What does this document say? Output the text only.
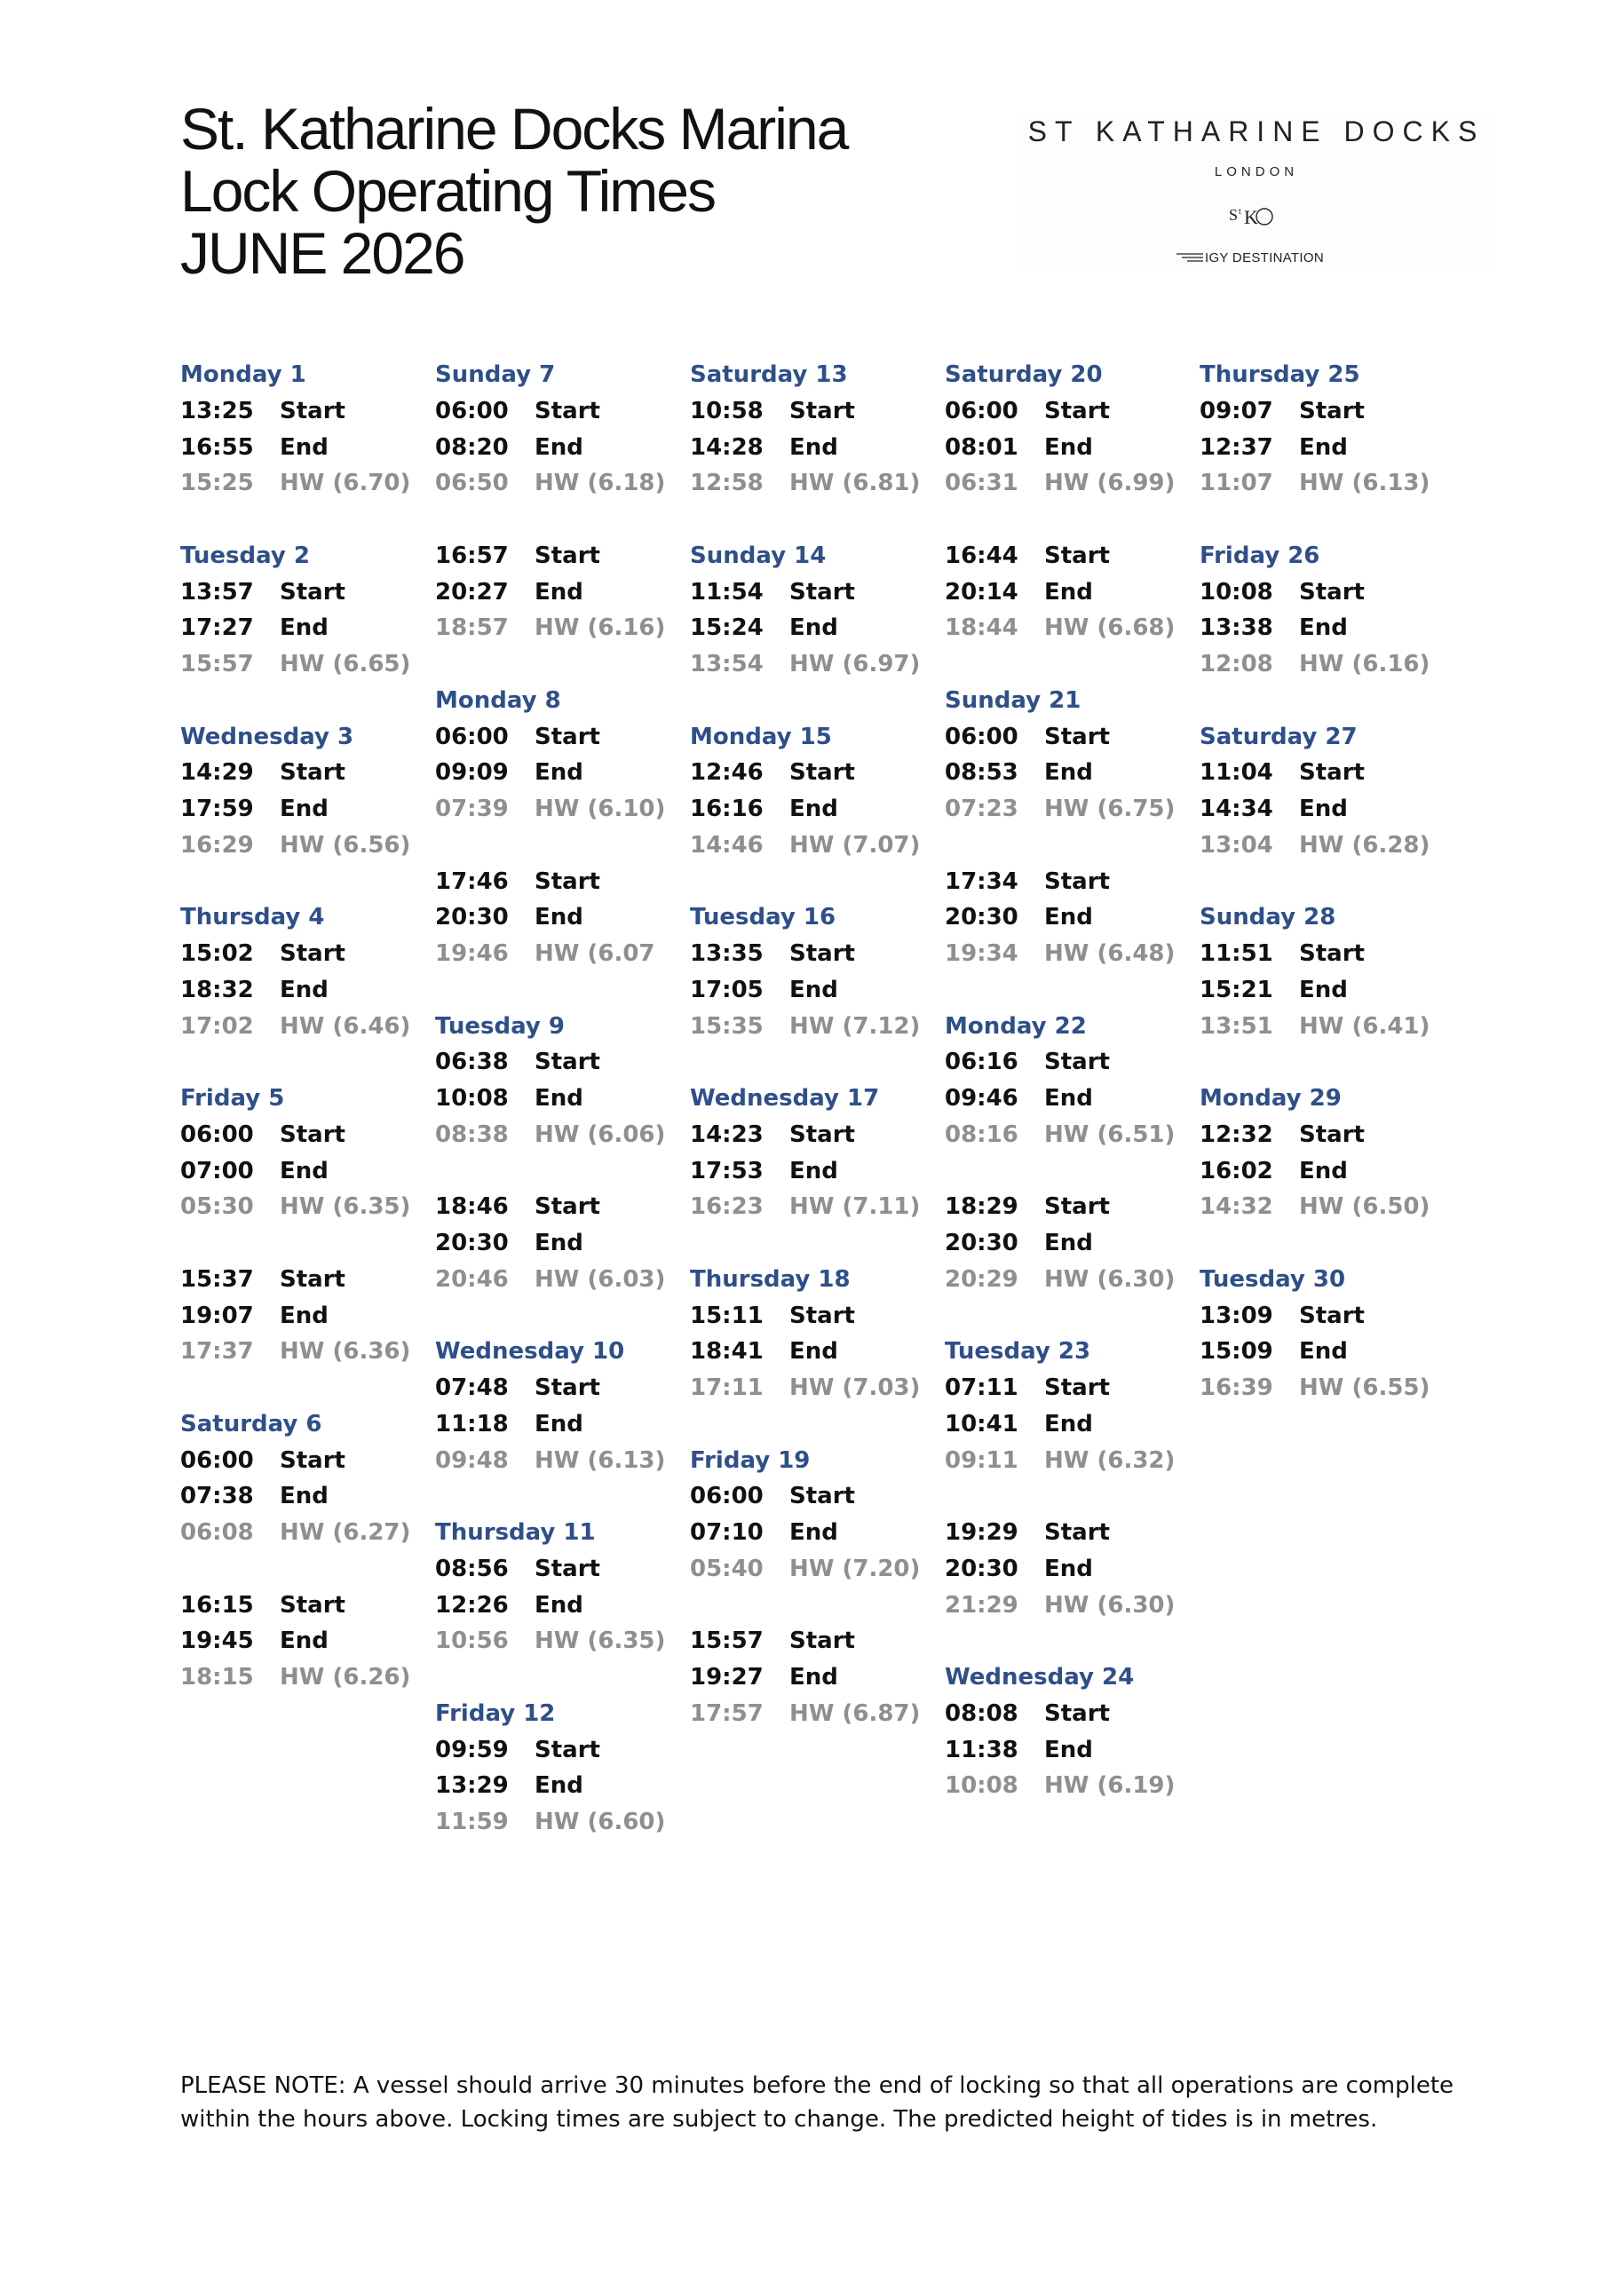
St. Katharine Docks Marina
Lock Operating Times
JUNE 2026
ST KATHARINE DOCKS
LONDON
S t K
IGY DESTINATION
Monday 1
13:25 Start
16:55 End
15:25 HW (6.70)
Tuesday 2
13:57 Start
17:27 End
15:57 HW (6.65)
Wednesday 3
14:29 Start
17:59 End
16:29 HW (6.56)
Thursday 4
15:02 Start
18:32 End
17:02 HW (6.46)
Friday 5
06:00 Start
07:00 End
05:30 HW (6.35)
15:37 Start
19:07 End
17:37 HW (6.36)
Saturday 6
06:00 Start
07:38 End
06:08 HW (6.27)
16:15 Start
19:45 End
18:15 HW (6.26)
Sunday 7
06:00 Start
08:20 End
06:50 HW (6.18)
16:57 Start
20:27 End
18:57 HW (6.16)
Monday 8
06:00 Start
09:09 End
07:39 HW (6.10)
17:46 Start
20:30 End
19:46 HW (6.07
Tuesday 9
06:38 Start
10:08 End
08:38 HW (6.06)
18:46 Start
20:30 End
20:46 HW (6.03)
Wednesday 10
07:48 Start
11:18 End
09:48 HW (6.13)
Thursday 11
08:56 Start
12:26 End
10:56 HW (6.35)
Friday 12
09:59 Start
13:29 End
11:59 HW (6.60)
Saturday 13
10:58 Start
14:28 End
12:58 HW (6.81)
Sunday 14
11:54 Start
15:24 End
13:54 HW (6.97)
Monday 15
12:46 Start
16:16 End
14:46 HW (7.07)
Tuesday 16
13:35 Start
17:05 End
15:35 HW (7.12)
Wednesday 17
14:23 Start
17:53 End
16:23 HW (7.11)
Thursday 18
15:11 Start
18:41 End
17:11 HW (7.03)
Friday 19
06:00 Start
07:10 End
05:40 HW (7.20)
15:57 Start
19:27 End
17:57 HW (6.87)
Saturday 20
06:00 Start
08:01 End
06:31 HW (6.99)
16:44 Start
20:14 End
18:44 HW (6.68)
Sunday 21
06:00 Start
08:53 End
07:23 HW (6.75)
17:34 Start
20:30 End
19:34 HW (6.48)
Monday 22
06:16 Start
09:46 End
08:16 HW (6.51)
18:29 Start
20:30 End
20:29 HW (6.30)
Tuesday 23
07:11 Start
10:41 End
09:11 HW (6.32)
19:29 Start
20:30 End
21:29 HW (6.30)
Wednesday 24
08:08 Start
11:38 End
10:08 HW (6.19)
Thursday 25
09:07 Start
12:37 End
11:07 HW (6.13)
Friday 26
10:08 Start
13:38 End
12:08 HW (6.16)
Saturday 27
11:04 Start
14:34 End
13:04 HW (6.28)
Sunday 28
11:51 Start
15:21 End
13:51 HW (6.41)
Monday 29
12:32 Start
16:02 End
14:32 HW (6.50)
Tuesday 30
13:09 Start
15:09 End
16:39 HW (6.55)
PLEASE NOTE: A vessel should arrive 30 minutes before the end of locking so that all operations are complete
within the hours above. Locking times are subject to change. The predicted height of tides is in metres.
